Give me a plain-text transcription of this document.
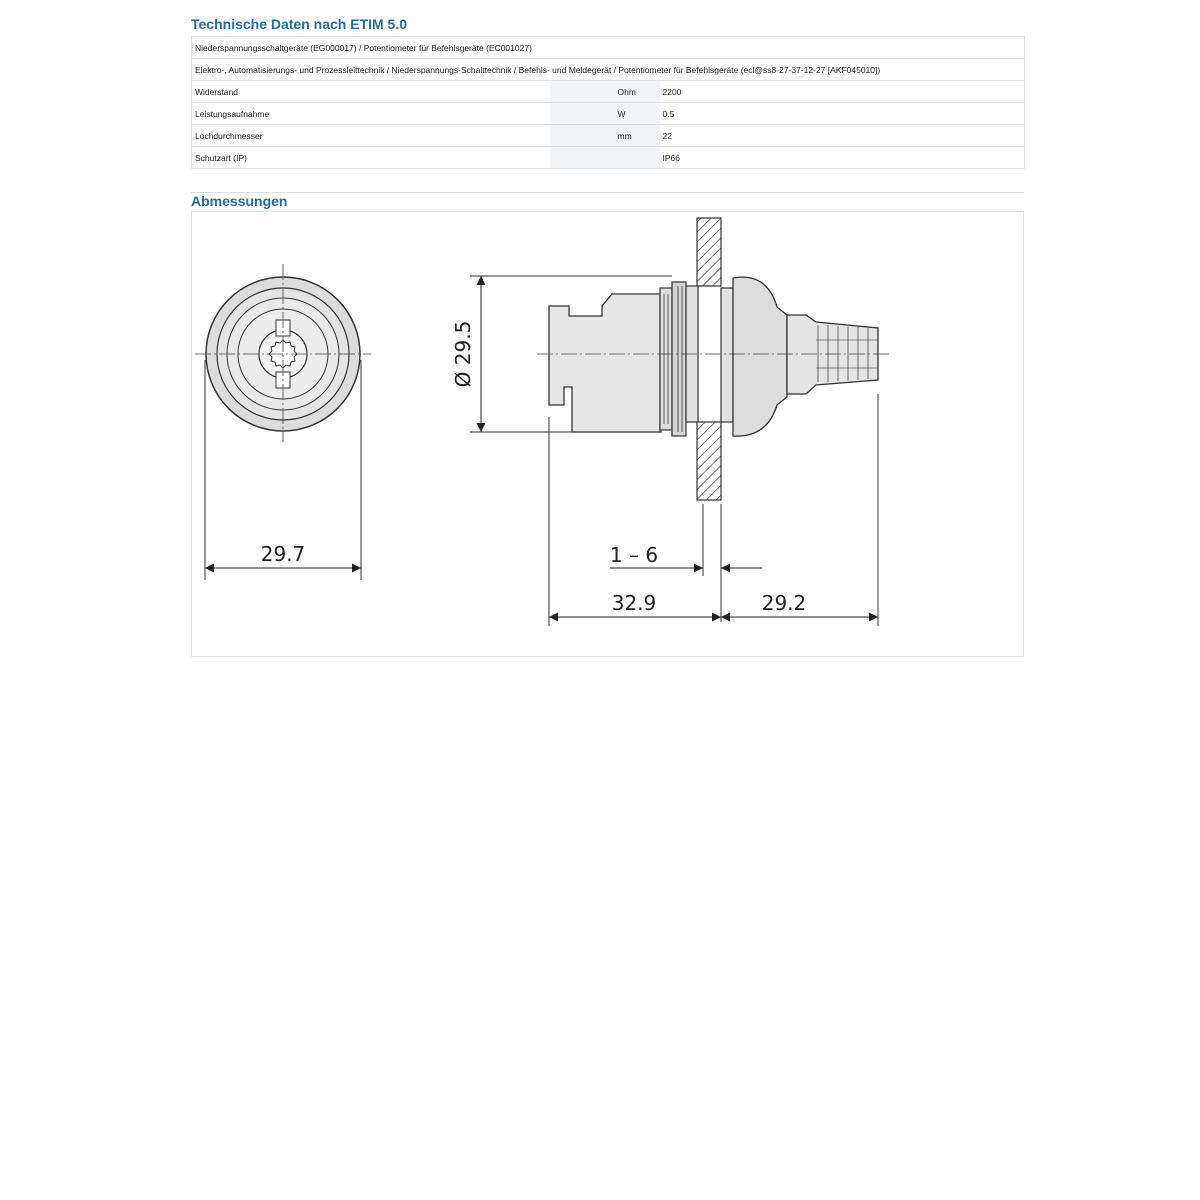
Technische Daten nach ETIM 5.0
Niederspannungsschaltgeräte (EG000017) / Potentiometer für Befehlsgeräte (EC001027)			
Elektro-, Automatisierungs- und Prozessleittechnik / Niederspannungs-Schalttechnik / Befehls- und Meldegerät / Potentiometer für Befehlsgeräte (ecl@ss8-27-37-12-27 [AKF045010])			
Widerstand		Ohm	2200
Leistungsaufnahme		W	0.5
Lochdurchmesser		mm	22
Schutzart (IP)			IP66
Abmessungen
29.7
Ø 29.5
1 – 6
32.9	29.2
